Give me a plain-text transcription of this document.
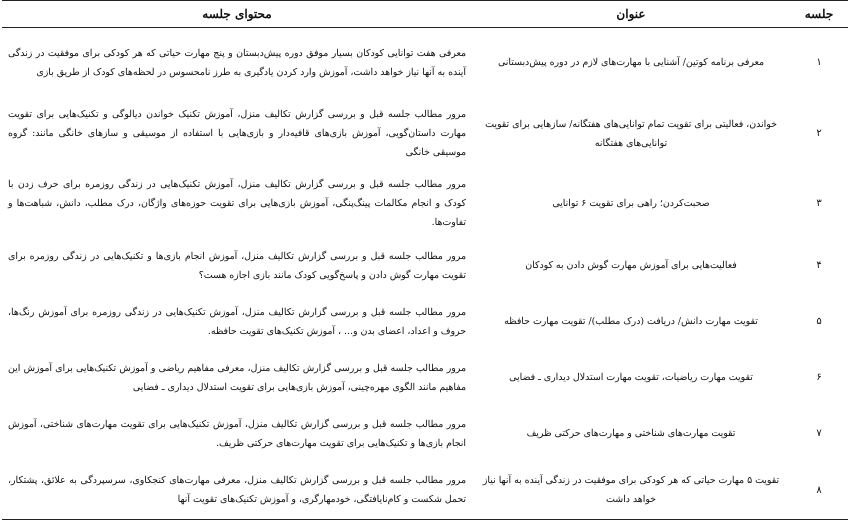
جلسه	عنوان	محتوای جلسه
۱	معرفی برنامه کوتین/ آشنایی با مهارت‌های لازم در دوره پیش‌دبستانی	معرفی هفت توانایی کودکان بسیار موفق دوره پیش‌دبستان و پنج مهارت حیاتی که هر کودکی برای موفقیت در زندگی آینده به آنها نیاز خواهد داشت، آموزش وارد کردن یادگیری به طرز نامحسوس در لحظه‌های کودک از طریق بازی
۲	خواندن، فعالیتی برای تقویت تمام توانایی‌های هفتگانه/ سازهایی برای تقویت توانایی‌های هفتگانه	مرور مطالب جلسه قبل و بررسی گزارش تکالیف منزل، آموزش تکنیک خواندن دیالوگی و تکنیک‌هایی برای تقویت مهارت داستان‌گویی، آموزش بازی‌های قافیه‌دار و بازی‌هایی با استفاده از موسیقی و سازهای خانگی مانند: گروه موسیقی خانگی
۳	صحبت‌کردن؛ راهی برای تقویت ۶ توانایی	مرور مطالب جلسه قبل و بررسی گزارش تکالیف منزل، آموزش تکنیک‌هایی در زندگی روزمره برای حرف زدن با کودک و انجام مکالمات پینگ‌پنگی، آموزش بازی‌هایی برای تقویت حوزه‌های واژگان، درک مطلب، دانش، شباهت‌ها و تفاوت‌ها.
۴	فعالیت‌هایی برای آموزش مهارت گوش دادن به کودکان	مرور مطالب جلسه قبل و بررسی گزارش تکالیف منزل، آموزش انجام بازی‌ها و تکنیک‌هایی در زندگی روزمره برای تقویت مهارت گوش دادن و پاسخ‌گویی کودک مانند بازی اجازه هست؟
۵	تقویت مهارت دانش/ دریافت (درک مطلب)/ تقویت مهارت حافظه	مرور مطالب جلسه قبل و بررسی گزارش تکالیف منزل، آموزش تکنیک‌هایی در زندگی روزمره برای آموزش رنگ‌ها، حروف و اعداد، اعضای بدن و... ، آموزش تکنیک‌های تقویت حافظه.
۶	تقویت مهارت ریاضیات، تقویت مهارت استدلال دیداری ـ فضایی	مرور مطالب جلسه قبل و بررسی گزارش تکالیف منزل، معرفی مفاهیم ریاضی و آموزش تکنیک‌هایی برای آموزش این مفاهیم مانند الگوی مهره‌چینی، آموزش بازی‌هایی برای تقویت استدلال دیداری ـ فضایی
۷	تقویت مهارت‌های شناختی و مهارت‌های حرکتی ظریف	مرور مطالب جلسه قبل و بررسی گزارش تکالیف منزل، آموزش تکنیک‌هایی برای تقویت مهارت‌های شناختی، آموزش انجام بازی‌ها و تکنیک‌هایی برای تقویت مهارت‌های حرکتی ظریف.
۸	تقویت ۵ مهارت حیاتی که هر کودکی برای موفقیت در زندگی آینده به آنها نیاز خواهد داشت	مرور مطالب جلسه قبل و بررسی گزارش تکالیف منزل، معرفی مهارت‌های کنجکاوی، سرسپردگی به علائق، پشتکار، تحمل شکست و کام‌نایافتگی، خودمهارگری، و آموزش تکنیک‌های تقویت آنها
